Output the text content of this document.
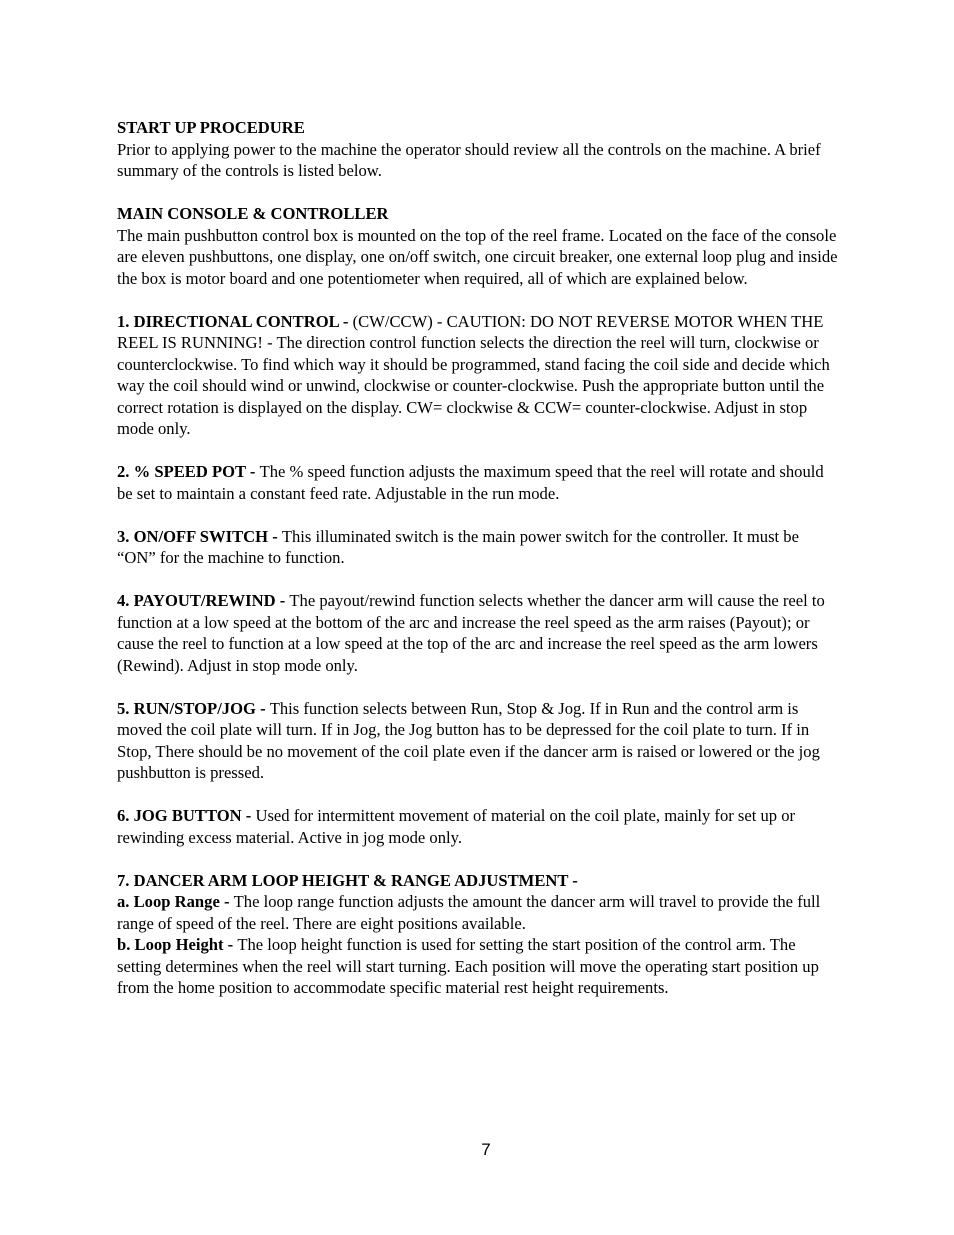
START UP PROCEDURE

Prior to applying power to the machine the operator should review all the controls on the machine. A brief summary of the controls is listed below.

MAIN CONSOLE & CONTROLLER

The main pushbutton control box is mounted on the top of the reel frame. Located on the face of the console are eleven pushbuttons, one display, one on/off switch, one circuit breaker, one external loop plug and inside the box is motor board and one potentiometer when required, all of which are explained below.

1. DIRECTIONAL CONTROL - (CW/CCW) - CAUTION: DO NOT REVERSE MOTOR WHEN THE REEL IS RUNNING! - The direction control function selects the direction the reel will turn, clockwise or counterclockwise. To find which way it should be programmed, stand facing the coil side and decide which way the coil should wind or unwind, clockwise or counter-clockwise. Push the appropriate button until the correct rotation is displayed on the display. CW= clockwise & CCW= counter-clockwise. Adjust in stop mode only.

2. % SPEED POT - The % speed function adjusts the maximum speed that the reel will rotate and should be set to maintain a constant feed rate. Adjustable in the run mode.

3. ON/OFF SWITCH - This illuminated switch is the main power switch for the controller. It must be “ON” for the machine to function.

4. PAYOUT/REWIND - The payout/rewind function selects whether the dancer arm will cause the reel to function at a low speed at the bottom of the arc and increase the reel speed as the arm raises (Payout); or cause the reel to function at a low speed at the top of the arc and increase the reel speed as the arm lowers (Rewind). Adjust in stop mode only.

5. RUN/STOP/JOG - This function selects between Run, Stop & Jog. If in Run and the control arm is moved the coil plate will turn. If in Jog, the Jog button has to be depressed for the coil plate to turn. If in Stop, There should be no movement of the coil plate even if the dancer arm is raised or lowered or the jog pushbutton is pressed.

6. JOG BUTTON - Used for intermittent movement of material on the coil plate, mainly for set up or rewinding excess material. Active in jog mode only.

7. DANCER ARM LOOP HEIGHT & RANGE ADJUSTMENT -

a. Loop Range - The loop range function adjusts the amount the dancer arm will travel to provide the full range of speed of the reel. There are eight positions available.

b. Loop Height - The loop height function is used for setting the start position of the control arm. The setting determines when the reel will start turning. Each position will move the operating start position up from the home position to accommodate specific material rest height requirements.

7
